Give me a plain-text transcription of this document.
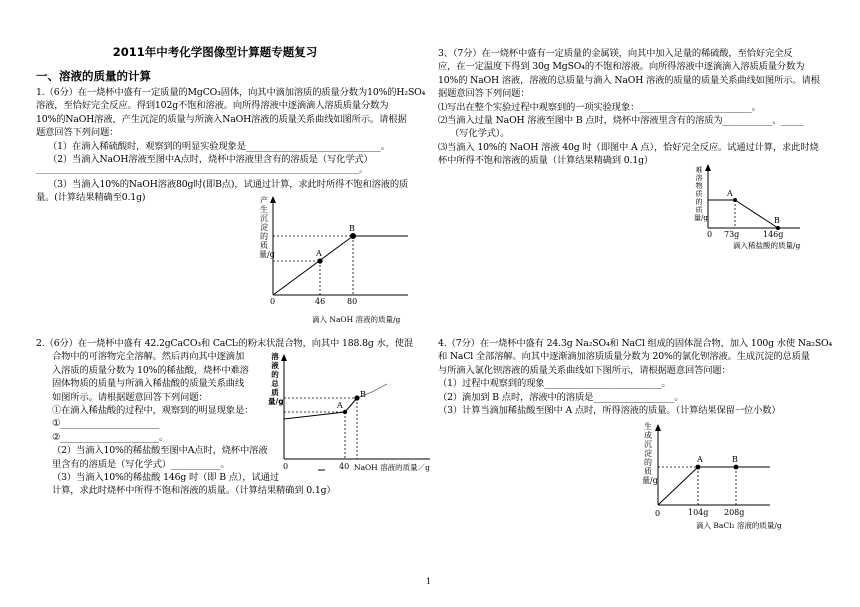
2011年中考化学图像型计算题专题复习
一、溶液的质量的计算
1.（6分）在一烧杯中盛有一定质量的MgCO₃固体，向其中滴加溶质的质量分数为10%的H₂SO₄
溶液，至恰好完全反应。得到102g不饱和溶液。向所得溶液中逐滴滴人溶质质量分数为
10%的NaOH溶液，产生沉淀的质量与所滴入NaOH溶液的质量关系曲线如图所示。请根据
题意回答下列问题：
（1）在滴入稀硫酸时，观察到的明显实验现象是______________________________。
（2）当滴入NaOH溶液至图中A点时，烧杯中溶液里含有的溶质是（写化学式）
____________________________________________________________________________________。
（3）当滴入10%的NaOH溶液80g时(即B点)，试通过计算，求此时所得不饱和溶液的质
量。(计算结果精确至0.1g)	产生沉淀的质量/g	A
B
0	46	80
滴入 NaOH 溶液的质量/g
2.（6分）在一烧杯中盛有 42.2gCaCO₃和 CaCl₂的粉末状混合物，向其中 188.8g 水，使混
合物中的可溶物完全溶解。然后再向其中逐滴加
入溶质的质量分数为 10%的稀盐酸，烧杯中难溶
固体物质的质量与所滴入稀盐酸的质量关系曲线
如图所示。请根据题意回答下列问题：
①在滴入稀盐酸的过程中，观察到的明显现象是：
①______________________
②______________________。
（2）当滴入10%的稀盐酸至图中A点时，烧杯中溶液
里含有的溶质是（写化学式）___________。
（3）当滴入10%的稀盐酸 146g 时（即 B 点），试通过
计算，求此时烧杯中所得不饱和溶液的质量。（计算结果精确到 0.1g）
溶液的总质量/g	A
B
0	40 NaOH 溶液的质量／g
3、（7分）在一烧杯中盛有一定质量的金属镁，向其中加入足量的稀硫酸，至恰好完全反
应，在一定温度下得到 30g MgSO₄的不饱和溶液。向所得溶液中逐滴滴入溶质质量分数为
10%的 NaOH 溶液，溶液的总质量与滴入 NaOH 溶液的质量的质量关系曲线如图所示。请根
据题意回答下列问题：
⑴写出在整个实验过程中观察到的一项实验现象：_________________________。
⑵当滴入过量 NaOH 溶液至图中 B 点时，烧杯中溶液里含有的溶质为___________、_____
（写化学式）。
⑶当滴入 10%的 NaOH 溶液 40g 时（即图中 A 点），恰好完全反应。试通过计算，求此时烧
杯中所得不饱和溶液的质量（计算结果精确到 0.1g）
难溶物质的质量/g
A
B
0 73g	146g
滴入稀盐酸的质量/g
4.（7分）在一烧杯中盛有 24.3g Na₂SO₄和 NaCl 组成的固体混合物，加入 100g 水使 Na₂SO₄
和 NaCl 全部溶解。向其中逐渐滴加溶质质量分数为 20%的氯化钡溶液。生成沉淀的总质量
与所滴入氯化钡溶液的质量关系曲线如下图所示，请根据题意回答问题：
（1）过程中观察到的现象__________________________。
（2）滴加到 B 点时，溶液中的溶质是__________________。
（3）计算当滴加稀盐酸至图中 A 点时，所得溶液的质量。（计算结果保留一位小数）
生成沉淀的质量/g
A	B
0	104g 208g
滴入 BaCl₂ 溶液的质量/g
1
